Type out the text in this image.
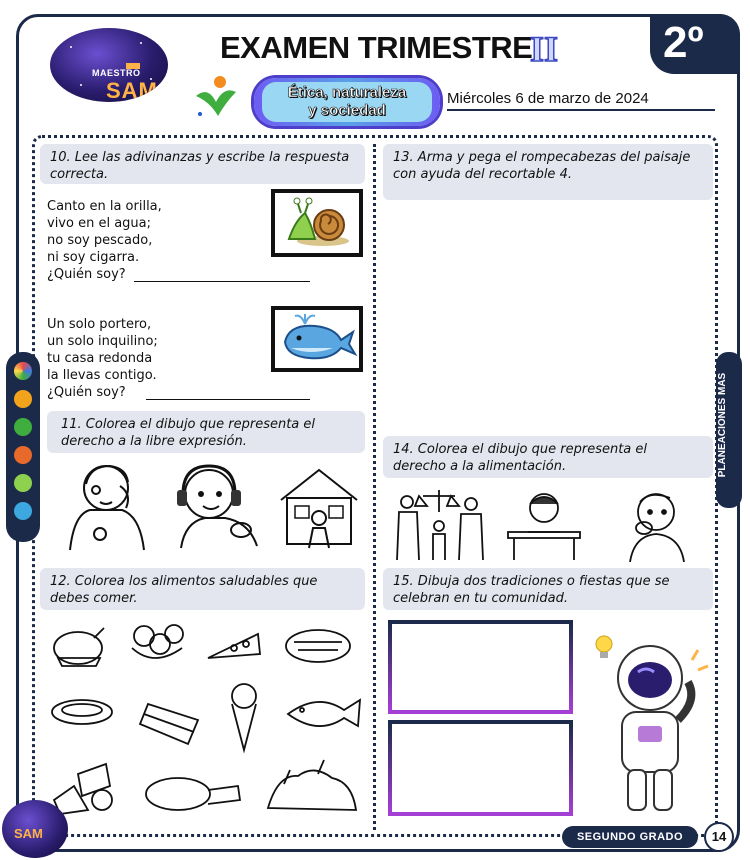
MAESTRO
SAM
EXAMEN TRIMESTRE
II 2º
Ética, naturaleza
y sociedad
Miércoles 6 de marzo de 2024
10. Lee las adivinanzas y escribe la respuesta correcta.
Canto en la orilla,
vivo en el agua;
no soy pescado,
ni soy cigarra.
¿Quién soy?
Un solo portero,
un solo inquilino;
tu casa redonda
la llevas contigo.
¿Quién soy?
11. Colorea el dibujo que representa el derecho a la libre expresión.
12. Colorea los alimentos saludables que debes comer.
13. Arma y pega el rompecabezas del paisaje con ayuda del recortable 4.
14. Colorea el dibujo que representa el derecho a la alimentación.
15. Dibuja dos tradiciones o fiestas que se celebran en tu comunidad.
PLANEACIONES MAS
SAM	SEGUNDO GRADO	14
